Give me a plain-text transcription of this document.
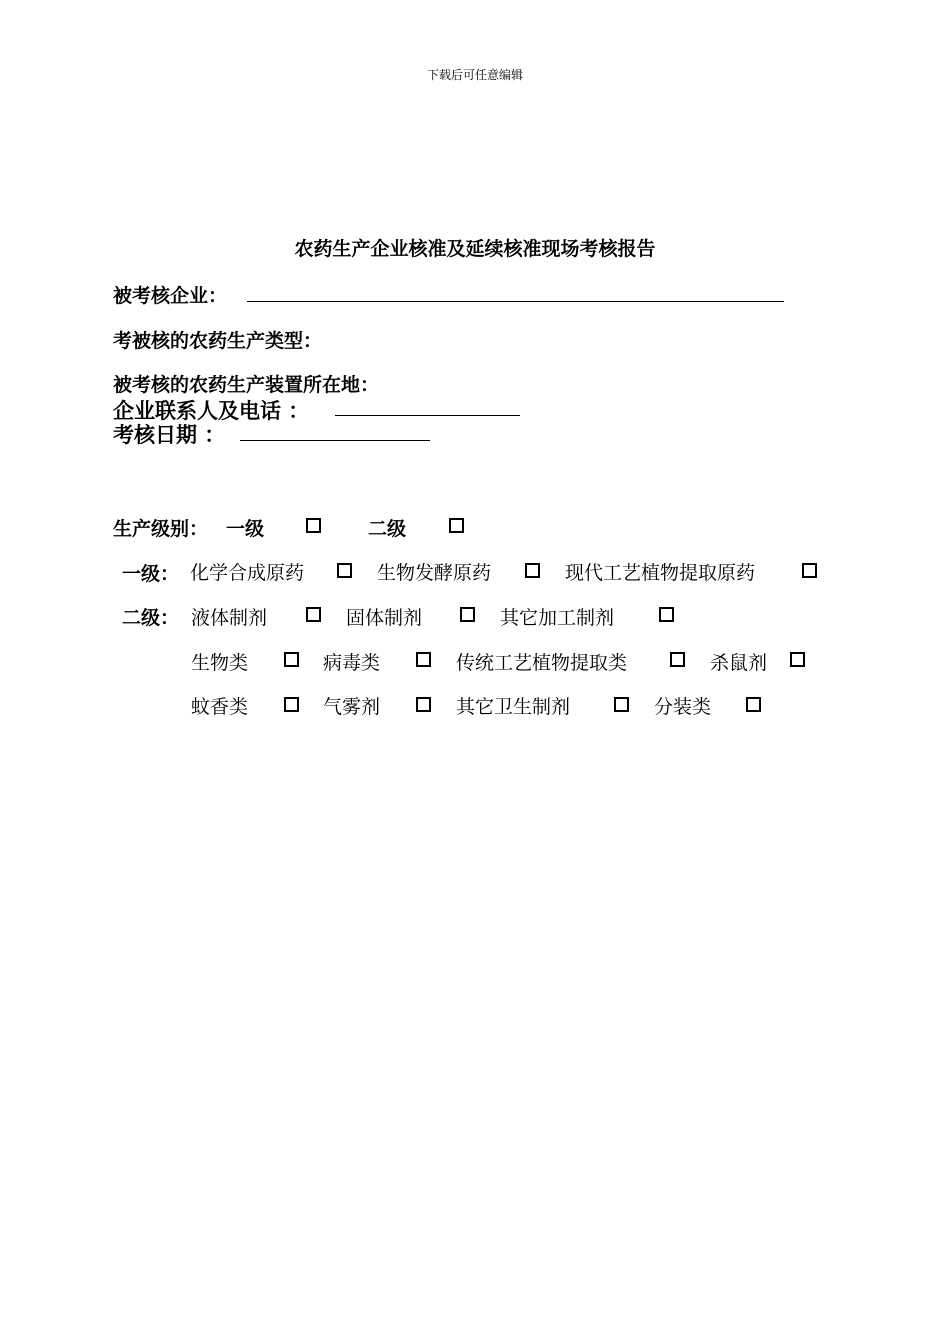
下载后可任意编辑
农药生产企业核准及延续核准现场考核报告
被考核企业：
考被核的农药生产类型：
被考核的农药生产装置所在地：
企业联系人及电话 ：
考核日期 ：
生产级别： 一级	二级
一级： 化学合成原药	生物发酵原药	现代工艺植物提取原药
二级： 液体制剂	固体制剂	其它加工制剂
生物类	病毒类	传统工艺植物提取类	杀鼠剂
蚊香类	气雾剂	其它卫生制剂	分装类
